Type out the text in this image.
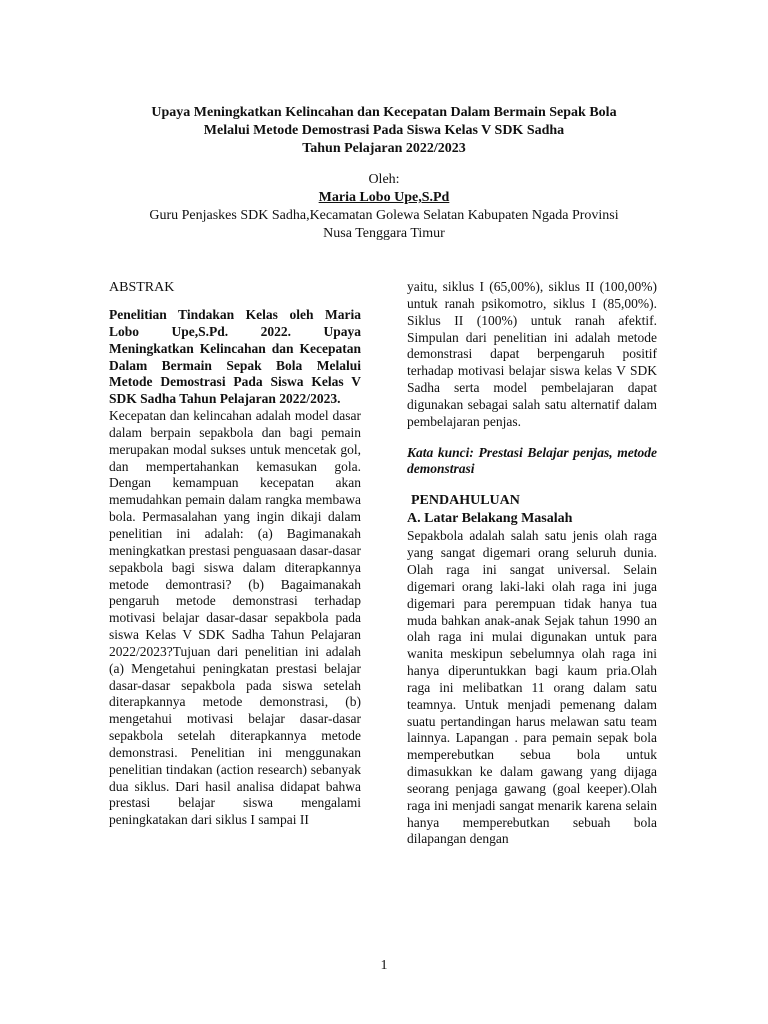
Upaya Meningkatkan Kelincahan dan Kecepatan Dalam Bermain Sepak Bola
Melalui Metode Demostrasi Pada Siswa Kelas V SDK Sadha
Tahun Pelajaran 2022/2023
Oleh:
Maria Lobo Upe,S.Pd
Guru Penjaskes SDK Sadha,Kecamatan Golewa Selatan Kabupaten Ngada Provinsi
Nusa Tenggara Timur
ABSTRAK

Penelitian Tindakan Kelas oleh Maria Lobo Upe,S.Pd. 2022. Upaya Meningkatkan Kelincahan dan Kecepatan Dalam Bermain Sepak Bola Melalui Metode Demostrasi Pada Siswa Kelas V SDK Sadha Tahun Pelajaran 2022/2023.

Kecepatan dan kelincahan adalah model dasar dalam berpain sepakbola dan bagi pemain merupakan modal sukses untuk mencetak gol, dan mempertahankan kemasukan gola. Dengan kemampuan kecepatan akan memudahkan pemain dalam rangka membawa bola. Permasalahan yang ingin dikaji dalam penelitian ini adalah: (a) Bagimanakah meningkatkan prestasi penguasaan dasar-dasar sepakbola bagi siswa dalam diterapkannya metode demontrasi? (b) Bagaimanakah pengaruh metode demonstrasi terhadap motivasi belajar dasar-dasar sepakbola pada siswa Kelas V SDK Sadha Tahun Pelajaran 2022/2023?Tujuan dari penelitian ini adalah (a) Mengetahui peningkatan prestasi belajar dasar-dasar sepakbola pada siswa setelah diterapkannya metode demonstrasi, (b) mengetahui motivasi belajar dasar-dasar sepakbola setelah diterapkannya metode demonstrasi. Penelitian ini menggunakan penelitian tindakan (action research) sebanyak dua siklus. Dari hasil analisa didapat bahwa prestasi belajar siswa mengalami peningkatakan dari siklus I sampai II

yaitu, siklus I (65,00%), siklus II (100,00%) untuk ranah psikomotro, siklus I (85,00%). Siklus II (100%) untuk ranah afektif. Simpulan dari penelitian ini adalah metode demonstrasi dapat berpengaruh positif terhadap motivasi belajar siswa kelas V SDK Sadha serta model pembelajaran dapat digunakan sebagai salah satu alternatif dalam pembelajaran penjas.

Kata kunci: Prestasi Belajar penjas, metode demonstrasi

PENDAHULUAN
A. Latar Belakang Masalah

Sepakbola adalah salah satu jenis olah raga yang sangat digemari orang seluruh dunia. Olah raga ini sangat universal. Selain digemari orang laki-laki olah raga ini juga digemari para perempuan tidak hanya tua muda bahkan anak-anak Sejak tahun 1990 an olah raga ini mulai digunakan untuk para wanita meskipun sebelumnya olah raga ini hanya diperuntukkan bagi kaum pria.Olah raga ini melibatkan 11 orang dalam satu teamnya. Untuk menjadi pemenang dalam suatu pertandingan harus melawan satu team lainnya. Lapangan . para pemain sepak bola memperebutkan sebua bola untuk dimasukkan ke dalam gawang yang dijaga seorang penjaga gawang (goal keeper).Olah raga ini menjadi sangat menarik karena selain hanya memperebutkan sebuah bola dilapangan dengan

1
